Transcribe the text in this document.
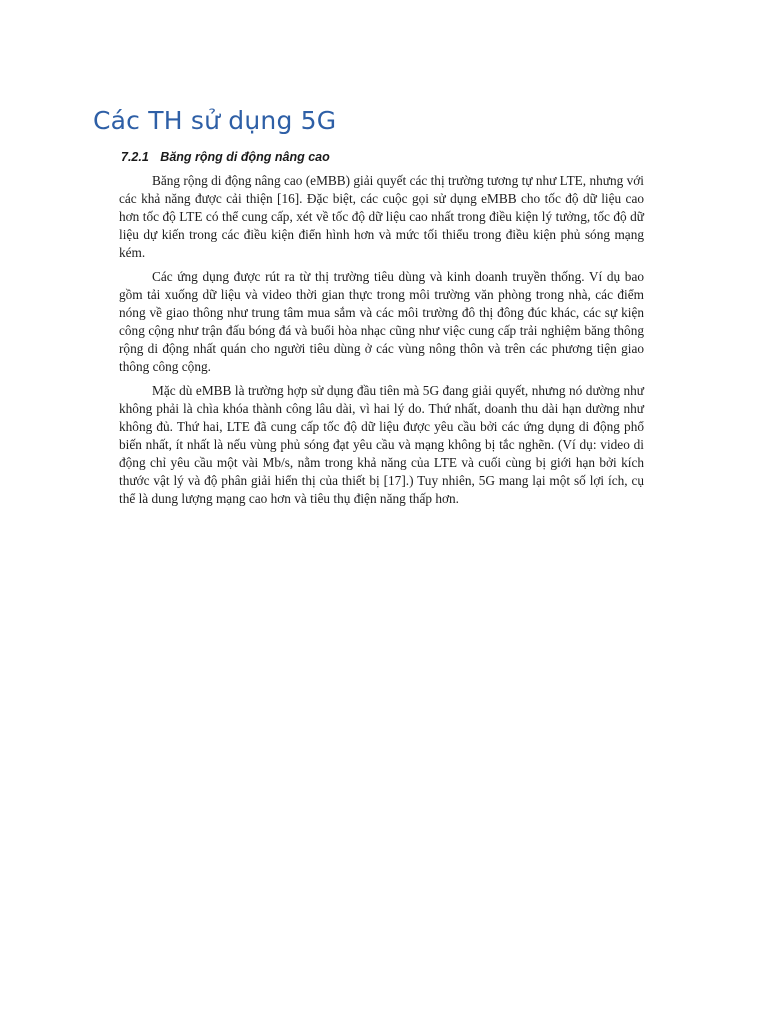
Các TH sử dụng 5G
7.2.1 Băng rộng di động nâng cao

Băng rộng di động nâng cao (eMBB) giải quyết các thị trường tương tự như LTE, nhưng với các khả năng được cải thiện [16]. Đặc biệt, các cuộc gọi sử dụng eMBB cho tốc độ dữ liệu cao hơn tốc độ LTE có thể cung cấp, xét về tốc độ dữ liệu cao nhất trong điều kiện lý tưởng, tốc độ dữ liệu dự kiến trong các điều kiện điển hình hơn và mức tối thiểu trong điều kiện phủ sóng mạng kém.

Các ứng dụng được rút ra từ thị trường tiêu dùng và kinh doanh truyền thống. Ví dụ bao gồm tải xuống dữ liệu và video thời gian thực trong môi trường văn phòng trong nhà, các điểm nóng về giao thông như trung tâm mua sắm và các môi trường đô thị đông đúc khác, các sự kiện công cộng như trận đấu bóng đá và buổi hòa nhạc cũng như việc cung cấp trải nghiệm băng thông rộng di động nhất quán cho người tiêu dùng ở các vùng nông thôn và trên các phương tiện giao thông công cộng.

Mặc dù eMBB là trường hợp sử dụng đầu tiên mà 5G đang giải quyết, nhưng nó dường như không phải là chìa khóa thành công lâu dài, vì hai lý do. Thứ nhất, doanh thu dài hạn dường như không đủ. Thứ hai, LTE đã cung cấp tốc độ dữ liệu được yêu cầu bởi các ứng dụng di động phổ biến nhất, ít nhất là nếu vùng phủ sóng đạt yêu cầu và mạng không bị tắc nghẽn. (Ví dụ: video di động chỉ yêu cầu một vài Mb/s, nằm trong khả năng của LTE và cuối cùng bị giới hạn bởi kích thước vật lý và độ phân giải hiển thị của thiết bị [17].) Tuy nhiên, 5G mang lại một số lợi ích, cụ thể là dung lượng mạng cao hơn và tiêu thụ điện năng thấp hơn.
